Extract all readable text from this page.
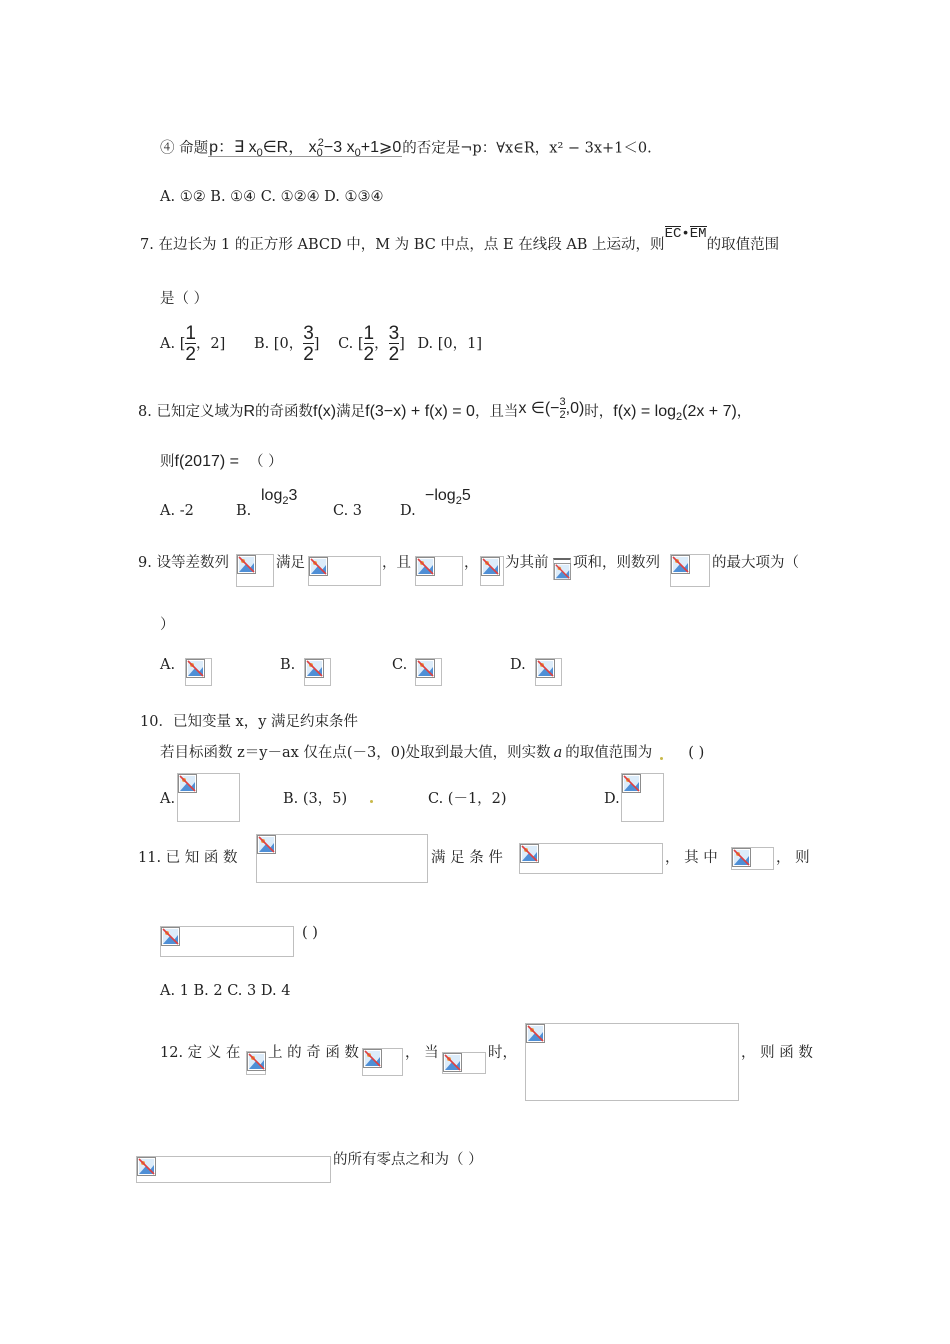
④ 命题p：∃ $x_0\in R$， $x_0^2-3$ $x_0+1⩾0$的否定是¬p：∀x∈R，x² − 3x+1＜0.
A. ①② B. ①④ C. ①②④ D. ①③④
7. 在边长为 1 的正方形 ABCD 中，M 为 BC 中点，点 E 在线段 AB 上运动，则EC•EM的取值范围
是（ ）
A. [ $\frac{1}{2}$ ，2] B. [0， $\frac{3}{2}$ ] C. [ $\frac{1}{2}$ ， $\frac{3}{2}$ ] D. [0，1]
8. 已知定义域为R的奇函数f(x)满足f(3−x) + f(x) = 0，且当x ∈(− $\frac{3}{2} ,0$)时，$f(x) = \log_2(2x + 7)$，
则f(2017) = （ ）
A. -2	B.
$\log_23$
C. 3	D.
$-\log_25$
9. 设等差数列	满足	，且	， 为其前 项和，则数列	的最大项为（
）
A.	B.	C.	D.
10．已知变量 x，y 满足约束条件
若目标函数 z＝y－ax 仅在点(－3，0)处取到最大值，则实数 a 的取值范围为 ( )
A.	B. (3，5)	C. (－1，2)	D.
11. 已 知 函 数	满 足 条 件	， 其 中	， 则
( )
A. 1 B. 2 C. 3 D. 4
12. 定 义 在 上 的 奇 函 数	， 当	时，	， 则 函 数
的所有零点之和为（ ）
